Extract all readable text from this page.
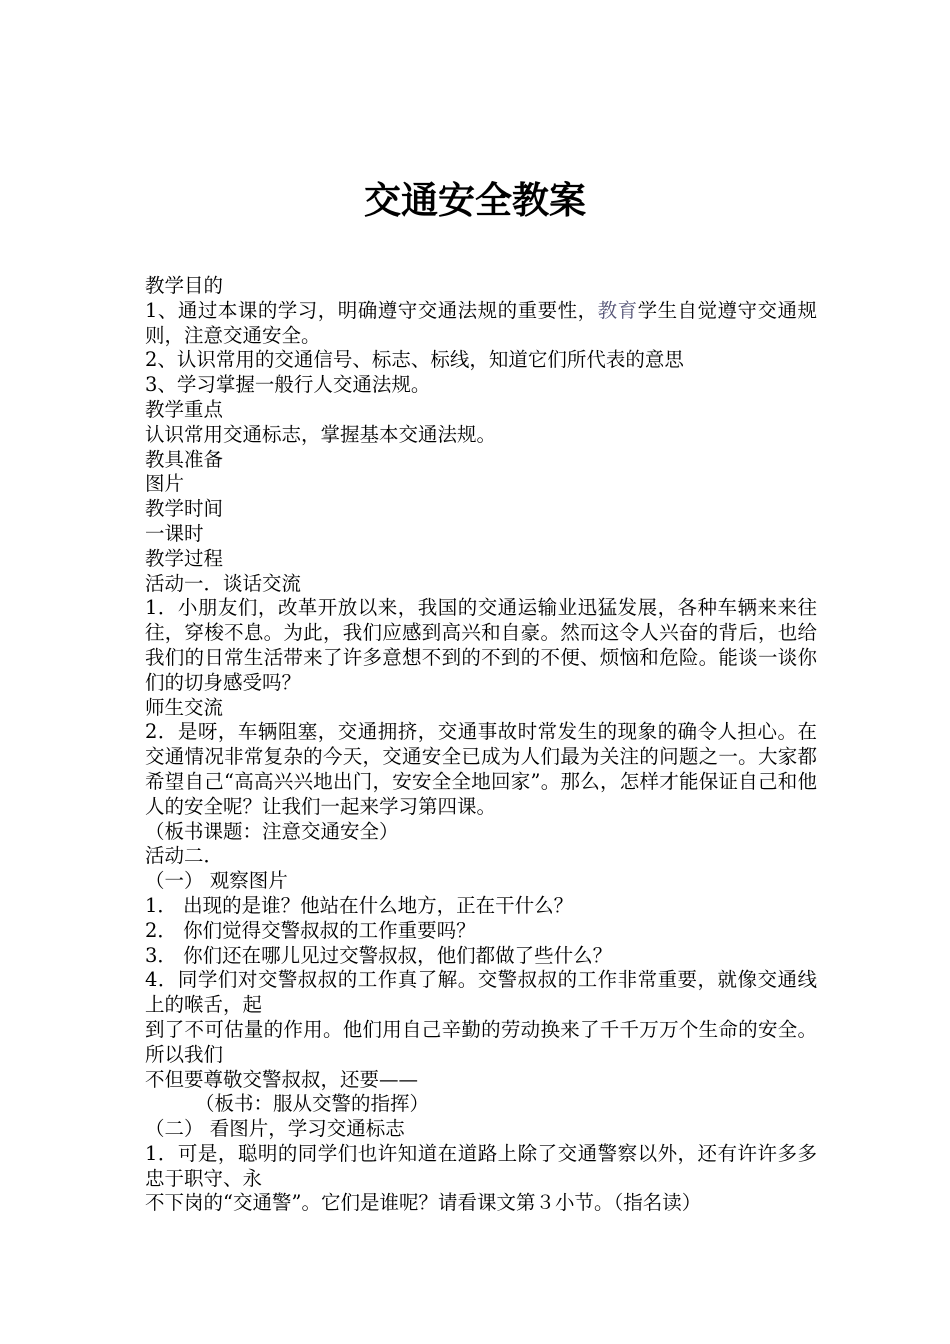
交通安全教案

教学目的

1、通过本课的学习，明确遵守交通法规的重要性，教育学生自觉遵守交通规则，注意交通安全。

2、认识常用的交通信号、标志、标线，知道它们所代表的意思

3、学习掌握一般行人交通法规。

教学重点

认识常用交通标志，掌握基本交通法规。

教具准备

图片

教学时间

一课时

教学过程

活动一．谈话交流

1．小朋友们，改革开放以来，我国的交通运输业迅猛发展，各种车辆来来往往，穿梭不息。为此，我们应感到高兴和自豪。然而这令人兴奋的背后，也给我们的日常生活带来了许多意想不到的不到的不便、烦恼和危险。能谈一谈你们的切身感受吗？

师生交流

2．是呀，车辆阻塞，交通拥挤，交通事故时常发生的现象的确令人担心。在交通情况非常复杂的今天，交通安全已成为人们最为关注的问题之一。大家都希望自己“高高兴兴地出门，安安全全地回家”。那么，怎样才能保证自己和他人的安全呢？让我们一起来学习第四课。

（板书课题：注意交通安全）

活动二．

（一） 观察图片

1． 出现的是谁？他站在什么地方，正在干什么？

2． 你们觉得交警叔叔的工作重要吗？

3． 你们还在哪儿见过交警叔叔，他们都做了些什么？

4．同学们对交警叔叔的工作真了解。交警叔叔的工作非常重要，就像交通线上的喉舌，起

到了不可估量的作用。他们用自己辛勤的劳动换来了千千万万个生命的安全。所以我们

不但要尊敬交警叔叔，还要——

（板书：服从交警的指挥）

（二） 看图片，学习交通标志

1．可是，聪明的同学们也许知道在道路上除了交通警察以外，还有许许多多忠于职守、永

不下岗的“交通警”。它们是谁呢？请看课文第３小节。（指名读）
